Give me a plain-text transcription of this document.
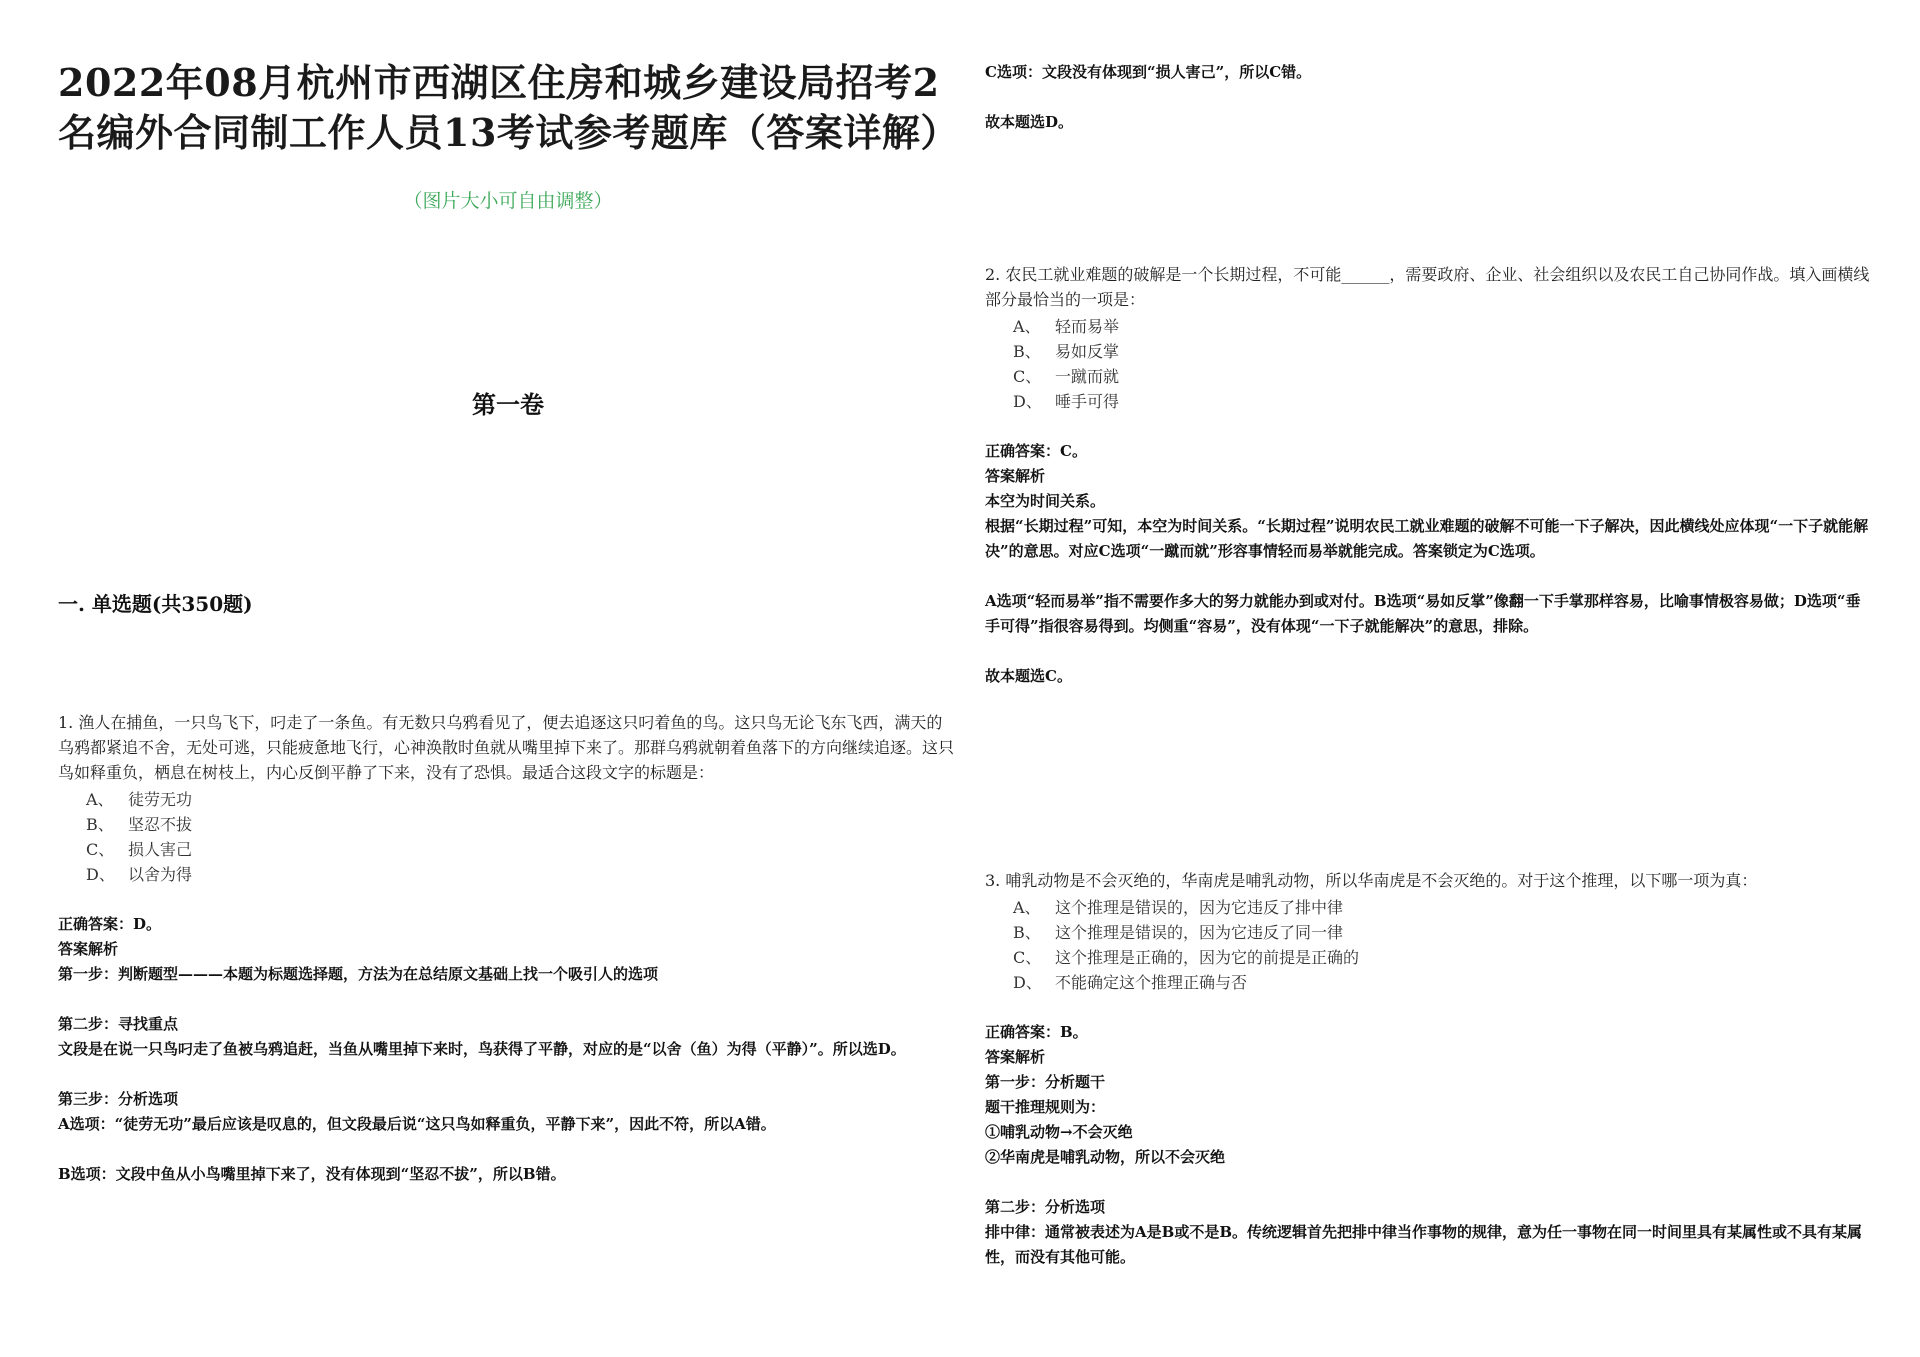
2022年08月杭州市西湖区住房和城乡建设局招考2
名编外合同制工作人员13考试参考题库（答案详解）
（图片大小可自由调整）
第一卷
一. 单选题(共350题)

1. 渔人在捕鱼，一只鸟飞下，叼走了一条鱼。有无数只乌鸦看见了，便去追逐这只叼着鱼的鸟。这只鸟无论飞东飞西，满天的乌鸦都紧追不舍，无处可逃，只能疲惫地飞行，心神涣散时鱼就从嘴里掉下来了。那群乌鸦就朝着鱼落下的方向继续追逐。这只鸟如释重负，栖息在树枝上，内心反倒平静了下来，没有了恐惧。最适合这段文字的标题是：

A、 徒劳无功
B、 坚忍不拔
C、 损人害己
D、 以舍为得

正确答案：D。

答案解析

第一步：判断题型———本题为标题选择题，方法为在总结原文基础上找一个吸引人的选项

第二步：寻找重点

文段是在说一只鸟叼走了鱼被乌鸦追赶，当鱼从嘴里掉下来时，鸟获得了平静，对应的是“以舍（鱼）为得（平静）”。所以选D。

第三步：分析选项

A选项：“徒劳无功”最后应该是叹息的，但文段最后说“这只鸟如释重负，平静下来”，因此不符，所以A错。

B选项：文段中鱼从小鸟嘴里掉下来了，没有体现到“坚忍不拔”，所以B错。

C选项：文段没有体现到“损人害己”，所以C错。

故本题选D。

2. 农民工就业难题的破解是一个长期过程，不可能______，需要政府、企业、社会组织以及农民工自己协同作战。填入画横线部分最恰当的一项是：

A、 轻而易举
B、 易如反掌
C、 一蹴而就
D、 唾手可得

正确答案：C。

答案解析

本空为时间关系。

根据“长期过程”可知，本空为时间关系。“长期过程”说明农民工就业难题的破解不可能一下子解决，因此横线处应体现“一下子就能解决”的意思。对应C选项“一蹴而就”形容事情轻而易举就能完成。答案锁定为C选项。

A选项“轻而易举”指不需要作多大的努力就能办到或对付。B选项“易如反掌”像翻一下手掌那样容易，比喻事情极容易做；D选项“垂手可得”指很容易得到。均侧重“容易”，没有体现“一下子就能解决”的意思，排除。

故本题选C。

3. 哺乳动物是不会灭绝的，华南虎是哺乳动物，所以华南虎是不会灭绝的。对于这个推理，以下哪一项为真：

A、 这个推理是错误的，因为它违反了排中律
B、 这个推理是错误的，因为它违反了同一律
C、 这个推理是正确的，因为它的前提是正确的
D、 不能确定这个推理正确与否

正确答案：B。

答案解析

第一步：分析题干

题干推理规则为：

①哺乳动物→不会灭绝

②华南虎是哺乳动物，所以不会灭绝

第二步：分析选项

排中律：通常被表述为A是B或不是B。传统逻辑首先把排中律当作事物的规律，意为任一事物在同一时间里具有某属性或不具有某属性，而没有其他可能。
